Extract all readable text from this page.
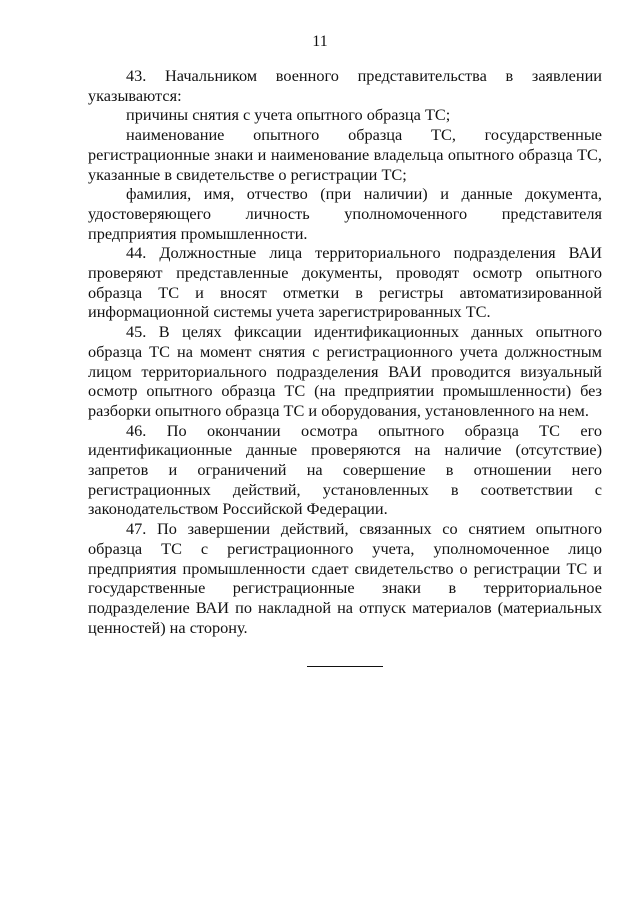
11

43. Начальником военного представительства в заявлении указываются:

причины снятия с учета опытного образца ТС;

наименование опытного образца ТС, государственные регистрационные знаки и наименование владельца опытного образца ТС, указанные в свидетельстве о регистрации ТС;

фамилия, имя, отчество (при наличии) и данные документа, удостоверяющего личность уполномоченного представителя предприятия промышленности.

44. Должностные лица территориального подразделения ВАИ проверяют представленные документы, проводят осмотр опытного образца ТС и вносят отметки в регистры автоматизированной информационной системы учета зарегистрированных ТС.

45. В целях фиксации идентификационных данных опытного образца ТС на момент снятия с регистрационного учета должностным лицом территориального подразделения ВАИ проводится визуальный осмотр опытного образца ТС (на предприятии промышленности) без разборки опытного образца ТС и оборудования, установленного на нем.

46. По окончании осмотра опытного образца ТС его идентификационные данные проверяются на наличие (отсутствие) запретов и ограничений на совершение в отношении него регистрационных действий, установленных в соответствии с законодательством Российской Федерации.

47. По завершении действий, связанных со снятием опытного образца ТС с регистрационного учета, уполномоченное лицо предприятия промышленности сдает свидетельство о регистрации ТС и государственные регистрационные знаки в территориальное подразделение ВАИ по накладной на отпуск материалов (материальных ценностей) на сторону.
